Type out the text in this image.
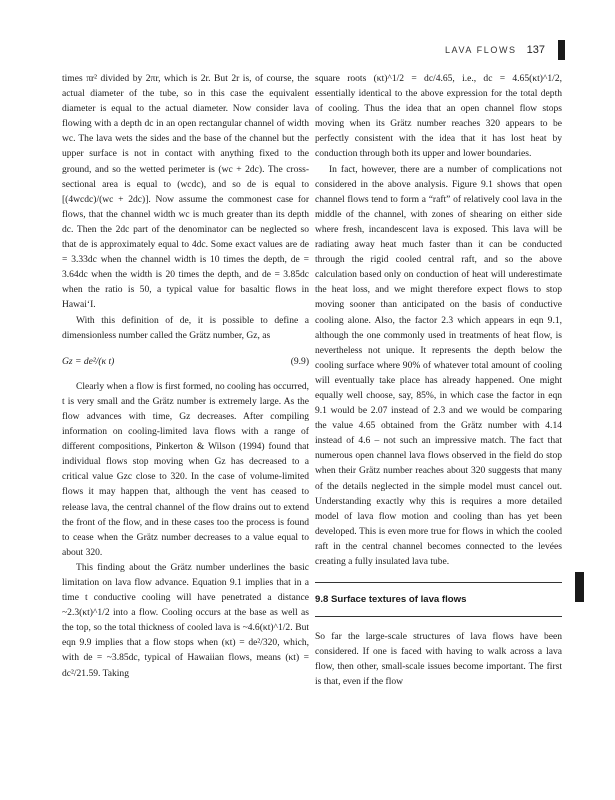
LAVA FLOWS 137

times πr² divided by 2πr, which is 2r. But 2r is, of course, the actual diameter of the tube, so in this case the equivalent diameter is equal to the actual diameter. Now consider lava flowing with a depth dc in an open rectangular channel of width wc. The lava wets the sides and the base of the channel but the upper surface is not in contact with anything fixed to the ground, and so the wetted perimeter is (wc + 2dc). The cross-sectional area is equal to (wcdc), and so de is equal to [(4wcdc)/(wc + 2dc)]. Now assume the commonest case for flows, that the channel width wc is much greater than its depth dc. Then the 2dc part of the denominator can be neglected so that de is approximately equal to 4dc. Some exact values are de = 3.33dc when the channel width is 10 times the depth, de = 3.64dc when the width is 20 times the depth, and de = 3.85dc when the ratio is 50, a typical value for basaltic flows in Hawai‘I.

With this definition of de, it is possible to define a dimensionless number called the Grätz number, Gz, as

Gz = de²/(κ t)	(9.9)

Clearly when a flow is first formed, no cooling has occurred, t is very small and the Grätz number is extremely large. As the flow advances with time, Gz decreases. After compiling information on cooling-limited lava flows with a range of different compositions, Pinkerton & Wilson (1994) found that individual flows stop moving when Gz has decreased to a critical value Gzc close to 320. In the case of volume-limited flows it may happen that, although the vent has ceased to release lava, the central channel of the flow drains out to extend the front of the flow, and in these cases too the process is found to cease when the Grätz number decreases to a value equal to about 320.

This finding about the Grätz number underlines the basic limitation on lava flow advance. Equation 9.1 implies that in a time t conductive cooling will have penetrated a distance ~2.3(κt)^1/2 into a flow. Cooling occurs at the base as well as the top, so the total thickness of cooled lava is ~4.6(κt)^1/2. But eqn 9.9 implies that a flow stops when (κt) = de²/320, which, with de = ~3.85dc, typical of Hawaiian flows, means (κt) = dc²/21.59. Taking

square roots (κt)^1/2 = dc/4.65, i.e., dc = 4.65(κt)^1/2, essentially identical to the above expression for the total depth of cooling. Thus the idea that an open channel flow stops moving when its Grätz number reaches 320 appears to be perfectly consistent with the idea that it has lost heat by conduction through both its upper and lower boundaries.

In fact, however, there are a number of complications not considered in the above analysis. Figure 9.1 shows that open channel flows tend to form a “raft” of relatively cool lava in the middle of the channel, with zones of shearing on either side where fresh, incandescent lava is exposed. This lava will be radiating away heat much faster than it can be conducted through the rigid cooled central raft, and so the above calculation based only on conduction of heat will underestimate the heat loss, and we might therefore expect flows to stop moving sooner than anticipated on the basis of conductive cooling alone. Also, the factor 2.3 which appears in eqn 9.1, although the one commonly used in treatments of heat flow, is nevertheless not unique. It represents the depth below the cooling surface where 90% of whatever total amount of cooling will eventually take place has already happened. One might equally well choose, say, 85%, in which case the factor in eqn 9.1 would be 2.07 instead of 2.3 and we would be comparing the value 4.65 obtained from the Grätz number with 4.14 instead of 4.6 – not such an impressive match. The fact that numerous open channel lava flows observed in the field do stop when their Grätz number reaches about 320 suggests that many of the details neglected in the simple model must cancel out. Understanding exactly why this is requires a more detailed model of lava flow motion and cooling than has yet been developed. This is even more true for flows in which the cooled raft in the central channel becomes connected to the levées creating a fully insulated lava tube.

9.8 Surface textures of lava flows

So far the large-scale structures of lava flows have been considered. If one is faced with having to walk across a lava flow, then other, small-scale issues become important. The first is that, even if the flow
